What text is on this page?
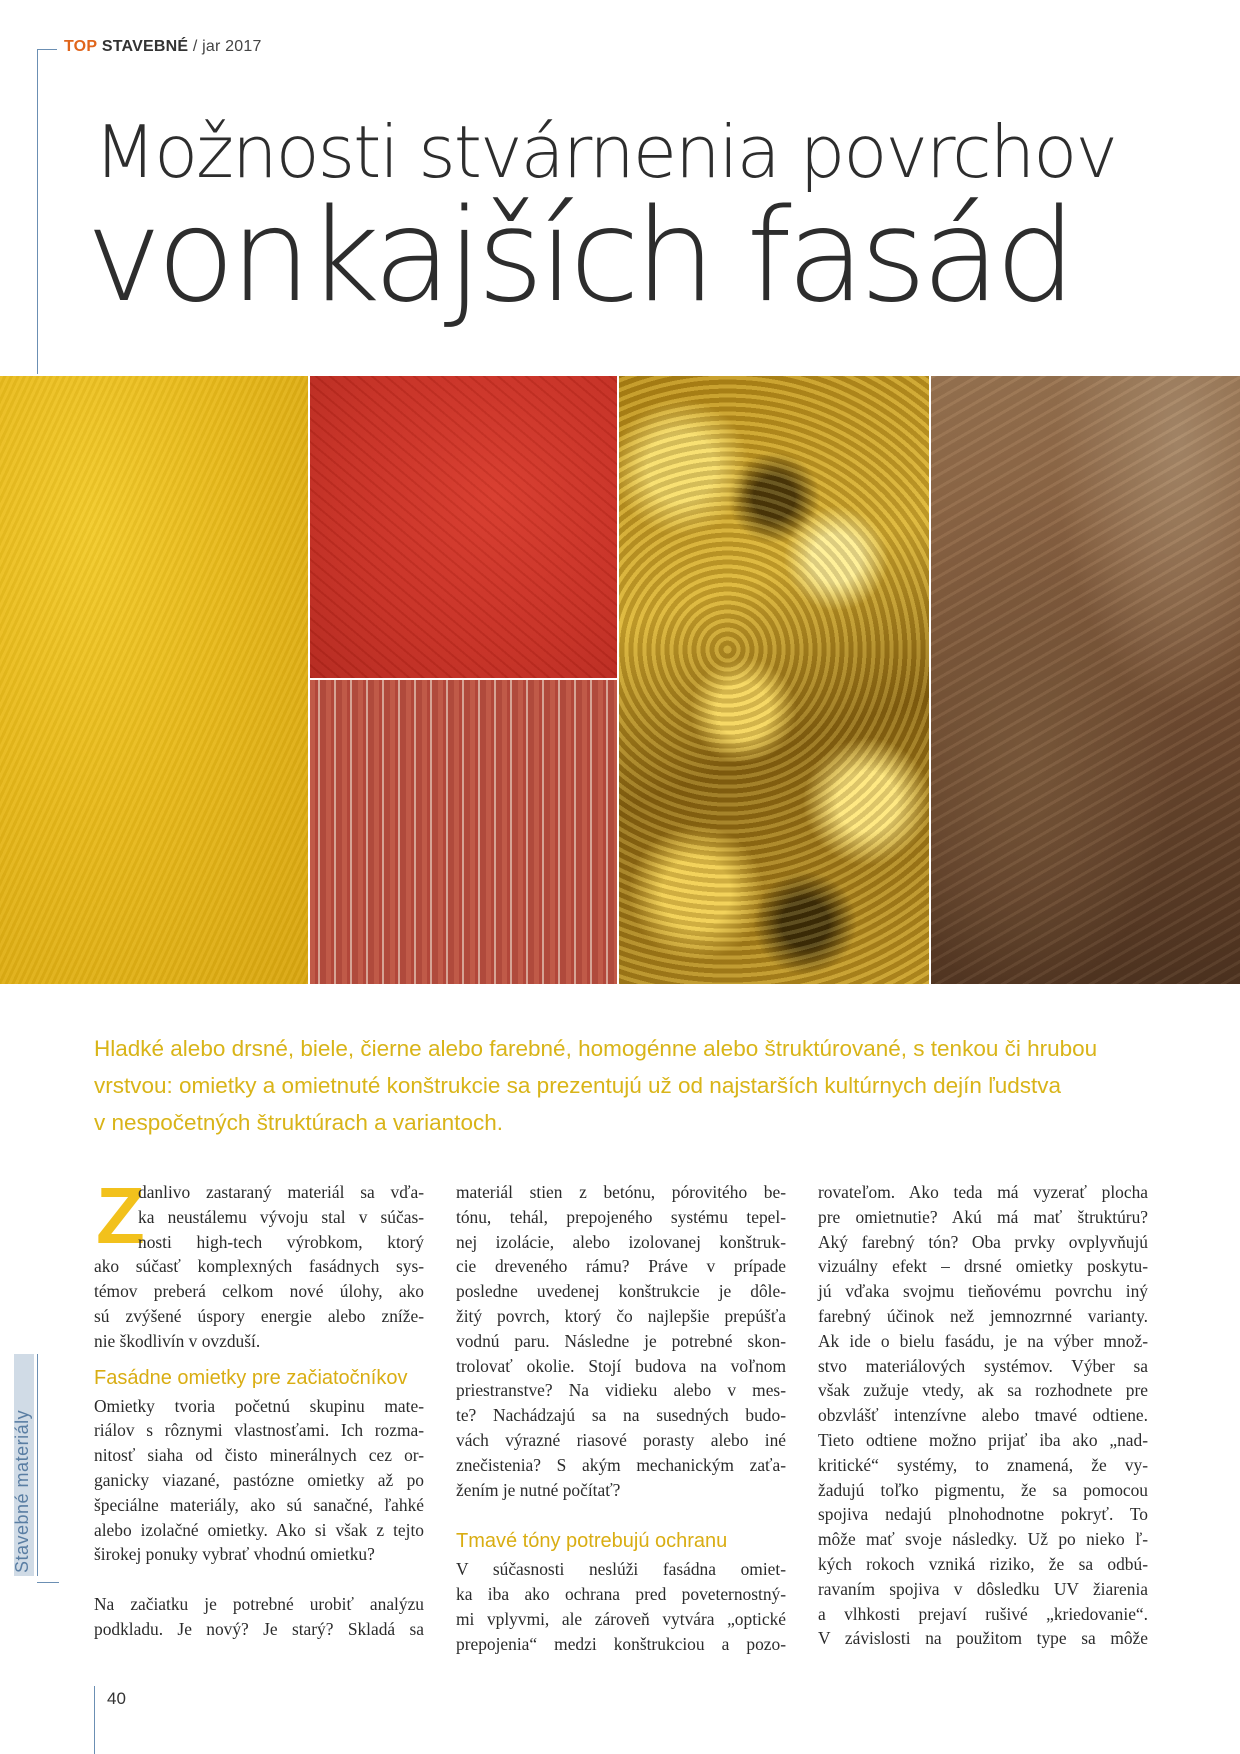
TOP STAVEBNÉ / jar 2017
Možnosti stvárnenia povrchov
vonkajších fasád
Hladké alebo drsné, biele, čierne alebo farebné, homogénne alebo štruktúrované, s tenkou či hrubou
vrstvou: omietky a omietnuté konštrukcie sa prezentujú už od najstarších kultúrnych dejín ľudstva
v nespočetných štruktúrach a variantoch.
Z
danlivo zastaraný materiál sa vďa-
ka neustálemu vývoju stal v súčas-
nosti high-tech výrobkom, ktorý
ako súčasť komplexných fasádnych sys-
témov preberá celkom nové úlohy, ako
sú zvýšené úspory energie alebo zníže-
nie škodlivín v ovzduší.
Fasádne omietky pre začiatočníkov
Omietky tvoria početnú skupinu mate-
riálov s rôznymi vlastnosťami. Ich rozma-
nitosť siaha od čisto minerálnych cez or-
ganicky viazané, pastózne omietky až po
špeciálne materiály, ako sú sanačné, ľahké
alebo izolačné omietky. Ako si však z tejto
širokej ponuky vybrať vhodnú omietku?
Na začiatku je potrebné urobiť analýzu
podkladu. Je nový? Je starý? Skladá sa
materiál stien z betónu, pórovitého be-
tónu, tehál, prepojeného systému tepel-
nej izolácie, alebo izolovanej konštruk-
cie dreveného rámu? Práve v prípade
posledne uvedenej konštrukcie je dôle-
žitý povrch, ktorý čo najlepšie prepúšťa
vodnú paru. Následne je potrebné skon-
trolovať okolie. Stojí budova na voľnom
priestranstve? Na vidieku alebo v mes-
te? Nachádzajú sa na susedných budo-
vách výrazné riasové porasty alebo iné
znečistenia? S akým mechanickým zaťa-
žením je nutné počítať?
Tmavé tóny potrebujú ochranu
V súčasnosti neslúži fasádna omiet-
ka iba ako ochrana pred poveternostný-
mi vplyvmi, ale zároveň vytvára „optické
prepojenia“ medzi konštrukciou a pozo-
rovateľom. Ako teda má vyzerať plocha
pre omietnutie? Akú má mať štruktúru?
Aký farebný tón? Oba prvky ovplyvňujú
vizuálny efekt – drsné omietky poskytu-
jú vďaka svojmu tieňovému povrchu iný
farebný účinok než jemnozrnné varianty.
Ak ide o bielu fasádu, je na výber množ-
stvo materiálových systémov. Výber sa
však zužuje vtedy, ak sa rozhodnete pre
obzvlášť intenzívne alebo tmavé odtiene.
Tieto odtiene možno prijať iba ako „nad-
kritické“ systémy, to znamená, že vy-
žadujú toľko pigmentu, že sa pomocou
spojiva nedajú plnohodnotne pokryť. To
môže mať svoje následky. Už po nieko ľ-
kých rokoch vzniká riziko, že sa odbú-
ravaním spojiva v dôsledku UV žiarenia
a vlhkosti prejaví rušivé „kriedovanie“.
V závislosti na použitom type sa môže
Stavebné materiály
40
